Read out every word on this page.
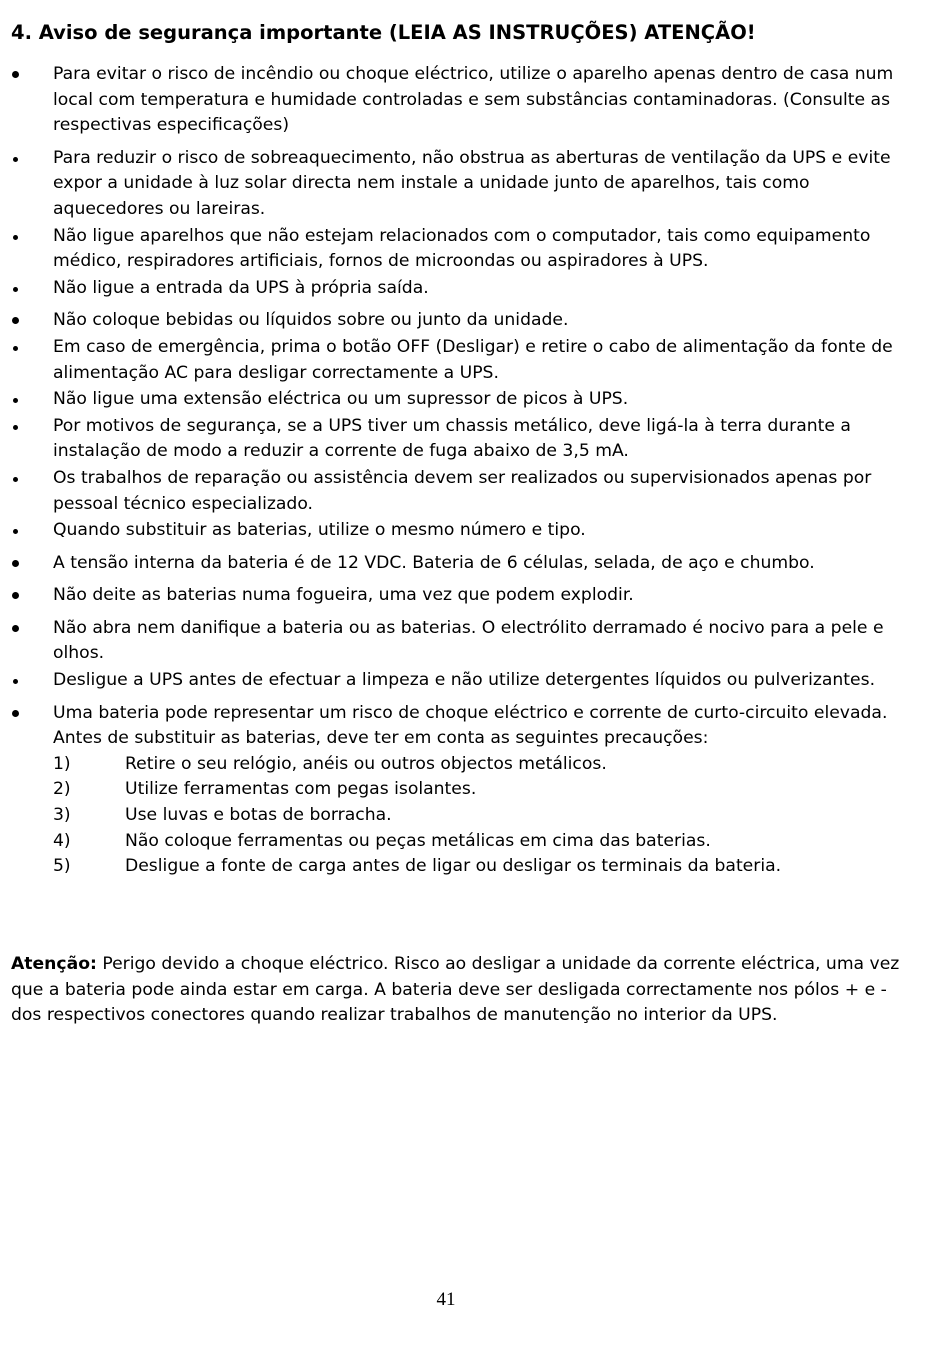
4. Aviso de segurança importante (LEIA AS INSTRUÇÕES) ATENÇÃO!
Para evitar o risco de incêndio ou choque eléctrico, utilize o aparelho apenas dentro de casa num local com temperatura e humidade controladas e sem substâncias contaminadoras. (Consulte as respectivas especificações)
Para reduzir o risco de sobreaquecimento, não obstrua as aberturas de ventilação da UPS e evite expor a unidade à luz solar directa nem instale a unidade junto de aparelhos, tais como aquecedores ou lareiras.
Não ligue aparelhos que não estejam relacionados com o computador, tais como equipamento médico, respiradores artificiais, fornos de microondas ou aspiradores à UPS.
Não ligue a entrada da UPS à própria saída.
Não coloque bebidas ou líquidos sobre ou junto da unidade.
Em caso de emergência, prima o botão OFF (Desligar) e retire o cabo de alimentação da fonte de alimentação AC para desligar correctamente a UPS.
Não ligue uma extensão eléctrica ou um supressor de picos à UPS.
Por motivos de segurança, se a UPS tiver um chassis metálico, deve ligá-la à terra durante a instalação de modo a reduzir a corrente de fuga abaixo de 3,5 mA.
Os trabalhos de reparação ou assistência devem ser realizados ou supervisionados apenas por pessoal técnico especializado.
Quando substituir as baterias, utilize o mesmo número e tipo.
A tensão interna da bateria é de 12 VDC. Bateria de 6 células, selada, de aço e chumbo.
Não deite as baterias numa fogueira, uma vez que podem explodir.
Não abra nem danifique a bateria ou as baterias. O electrólito derramado é nocivo para a pele e olhos.
Desligue a UPS antes de efectuar a limpeza e não utilize detergentes líquidos ou pulverizantes.
Uma bateria pode representar um risco de choque eléctrico e corrente de curto-circuito elevada. Antes de substituir as baterias, deve ter em conta as seguintes precauções:
1)	Retire o seu relógio, anéis ou outros objectos metálicos.
2)	Utilize ferramentas com pegas isolantes.
3)	Use luvas e botas de borracha.
4)	Não coloque ferramentas ou peças metálicas em cima das baterias.
5)	Desligue a fonte de carga antes de ligar ou desligar os terminais da bateria.

Atenção: Perigo devido a choque eléctrico. Risco ao desligar a unidade da corrente eléctrica, uma vez que a bateria pode ainda estar em carga. A bateria deve ser desligada correctamente nos pólos + e - dos respectivos conectores quando realizar trabalhos de manutenção no interior da UPS.

41
